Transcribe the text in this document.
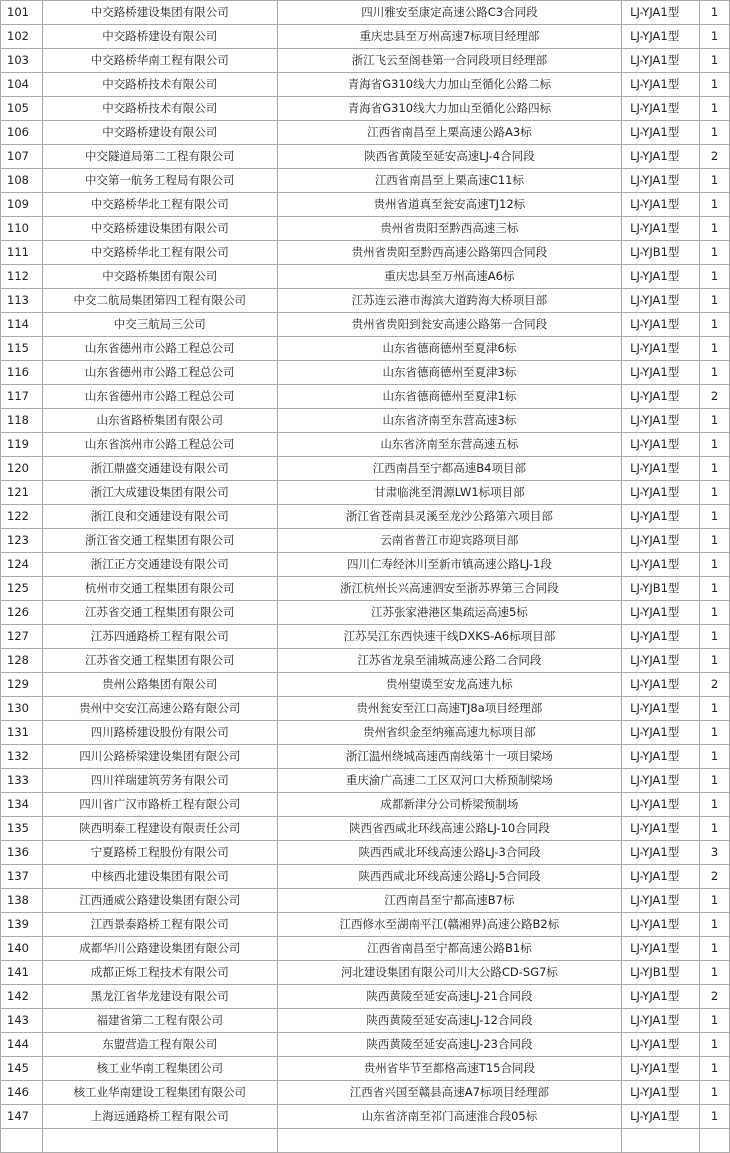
101	中交路桥建设集团有限公司	四川雅安至康定高速公路C3合同段	LJ-YJA1型	1
102	中交路桥建设有限公司	重庆忠县至万州高速7标项目经理部	LJ-YJA1型	1
103	中交路桥华南工程有限公司	浙江飞云至阁巷第一合同段项目经理部	LJ-YJA1型	1
104	中交路桥技术有限公司	青海省G310线大力加山至循化公路二标	LJ-YJA1型	1
105	中交路桥技术有限公司	青海省G310线大力加山至循化公路四标	LJ-YJA1型	1
106	中交路桥建设有限公司	江西省南昌至上栗高速公路A3标	LJ-YJA1型	1
107	中交隧道局第二工程有限公司	陕西省黄陵至延安高速LJ-4合同段	LJ-YJA1型	2
108	中交第一航务工程局有限公司	江西省南昌至上栗高速C11标	LJ-YJA1型	1
109	中交路桥华北工程有限公司	贵州省道真至瓮安高速TJ12标	LJ-YJA1型	1
110	中交路桥建设集团有限公司	贵州省贵阳至黔西高速三标	LJ-YJA1型	1
111	中交路桥华北工程有限公司	贵州省贵阳至黔西高速公路第四合同段	LJ-YJB1型	1
112	中交路桥集团有限公司	重庆忠县至万州高速A6标	LJ-YJA1型	1
113	中交二航局集团第四工程有限公司	江苏连云港市海滨大道跨海大桥项目部	LJ-YJA1型	1
114	中交三航局三公司	贵州省贵阳到瓮安高速公路第一合同段	LJ-YJA1型	1
115	山东省德州市公路工程总公司	山东省德商德州至夏津6标	LJ-YJA1型	1
116	山东省德州市公路工程总公司	山东省德商德州至夏津3标	LJ-YJA1型	1
117	山东省德州市公路工程总公司	山东省德商德州至夏津1标	LJ-YJA1型	2
118	山东省路桥集团有限公司	山东省济南至东营高速3标	LJ-YJA1型	1
119	山东省滨州市公路工程总公司	山东省济南至东营高速五标	LJ-YJA1型	1
120	浙江鼎盛交通建设有限公司	江西南昌至宁都高速B4项目部	LJ-YJA1型	1
121	浙江大成建设集团有限公司	甘肃临洮至渭源LW1标项目部	LJ-YJA1型	1
122	浙江良和交通建设有限公司	浙江省苍南县灵溪至龙沙公路第六项目部	LJ-YJA1型	1
123	浙江省交通工程集团有限公司	云南省普江市迎宾路项目部	LJ-YJA1型	1
124	浙江正方交通建设有限公司	四川仁寿经沐川至新市镇高速公路LJ-1段	LJ-YJA1型	1
125	杭州市交通工程集团有限公司	浙江杭州长兴高速泗安至浙苏界第三合同段	LJ-YJB1型	1
126	江苏省交通工程集团有限公司	江苏张家港港区集疏运高速5标	LJ-YJA1型	1
127	江苏四通路桥工程有限公司	江苏吴江东西快速干线DXKS-A6标项目部	LJ-YJA1型	1
128	江苏省交通工程集团有限公司	江苏省龙泉至浦城高速公路二合同段	LJ-YJA1型	1
129	贵州公路集团有限公司	贵州望谟至安龙高速九标	LJ-YJA1型	2
130	贵州中交安江高速公路有限公司	贵州瓮安至江口高速TJ8a项目经理部	LJ-YJA1型	1
131	四川路桥建设股份有限公司	贵州省织金至纳雍高速九标项目部	LJ-YJA1型	1
132	四川公路桥梁建设集团有限公司	浙江温州绕城高速西南线第十一项目梁场	LJ-YJA1型	1
133	四川祥瑞建筑劳务有限公司	重庆渝广高速二工区双河口大桥预制梁场	LJ-YJA1型	1
134	四川省广汉市路桥工程有限公司	成都新津分公司桥梁预制场	LJ-YJA1型	1
135	陕西明泰工程建设有限责任公司	陕西省西咸北环线高速公路LJ-10合同段	LJ-YJA1型	1
136	宁夏路桥工程股份有限公司	陕西西咸北环线高速公路LJ-3合同段	LJ-YJA1型	3
137	中核西北建设集团有限公司	陕西西咸北环线高速公路LJ-5合同段	LJ-YJA1型	2
138	江西通威公路建设集团有限公司	江西南昌至宁都高速B7标	LJ-YJA1型	1
139	江西景泰路桥工程有限公司	江西修水至湖南平江(赣湘界)高速公路B2标	LJ-YJA1型	1
140	成都华川公路建设集团有限公司	江西省南昌至宁都高速公路B1标	LJ-YJA1型	1
141	成都正烁工程技术有限公司	河北建设集团有限公司川大公路CD-SG7标	LJ-YJB1型	1
142	黑龙江省华龙建设有限公司	陕西黄陵至延安高速LJ-21合同段	LJ-YJA1型	2
143	福建省第二工程有限公司	陕西黄陵至延安高速LJ-12合同段	LJ-YJA1型	1
144	东盟营造工程有限公司	陕西黄陵至延安高速LJ-23合同段	LJ-YJA1型	1
145	核工业华南工程集团公司	贵州省毕节至都格高速T15合同段	LJ-YJA1型	1
146	核工业华南建设工程集团有限公司	江西省兴国至赣县高速A7标项目经理部	LJ-YJA1型	1
147	上海远通路桥工程有限公司	山东省济南至祁门高速淮合段05标	LJ-YJA1型	1
